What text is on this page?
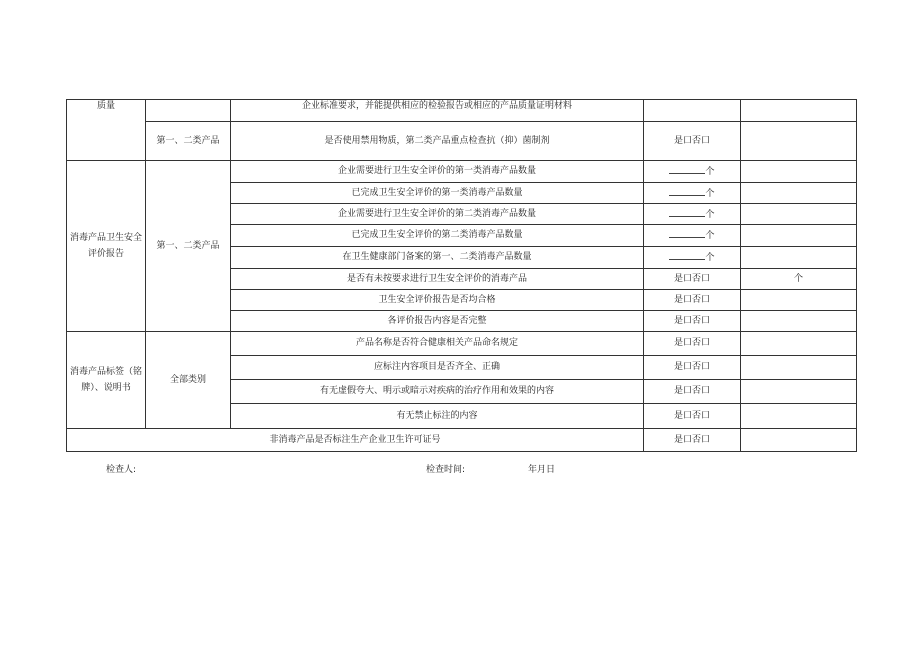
质量		企业标准要求，并能提供相应的检验报告或相应的产品质量证明材料		
	第一、二类产品	是否使用禁用物质，第二类产品重点检查抗（抑）菌制剂	是口否口	
消毒产品卫生安全评价报告	第一、二类产品	企业需要进行卫生安全评价的第一类消毒产品数量	个	
		已完成卫生安全评价的第一类消毒产品数量	个	
		企业需要进行卫生安全评价的第二类消毒产品数量	个	
		已完成卫生安全评价的第二类消毒产品数量	个	
		在卫生健康部门备案的第一、二类消毒产品数量	个	
		是否有未按要求进行卫生安全评价的消毒产品	是口否口	个
		卫生安全评价报告是否均合格	是口否口	
		各评价报告内容是否完整	是口否口	
消毒产品标签（铭牌）、说明书	全部类别	产品名称是否符合健康相关产品命名规定	是口否口	
		应标注内容项目是否齐全、正确	是口否口	
		有无虚假夸大、明示或暗示对疾病的治疗作用和效果的内容	是口否口	
		有无禁止标注的内容	是口否口	
非消毒产品是否标注生产企业卫生许可证号			是口否口	
检查人:	检查时间:	年月日
